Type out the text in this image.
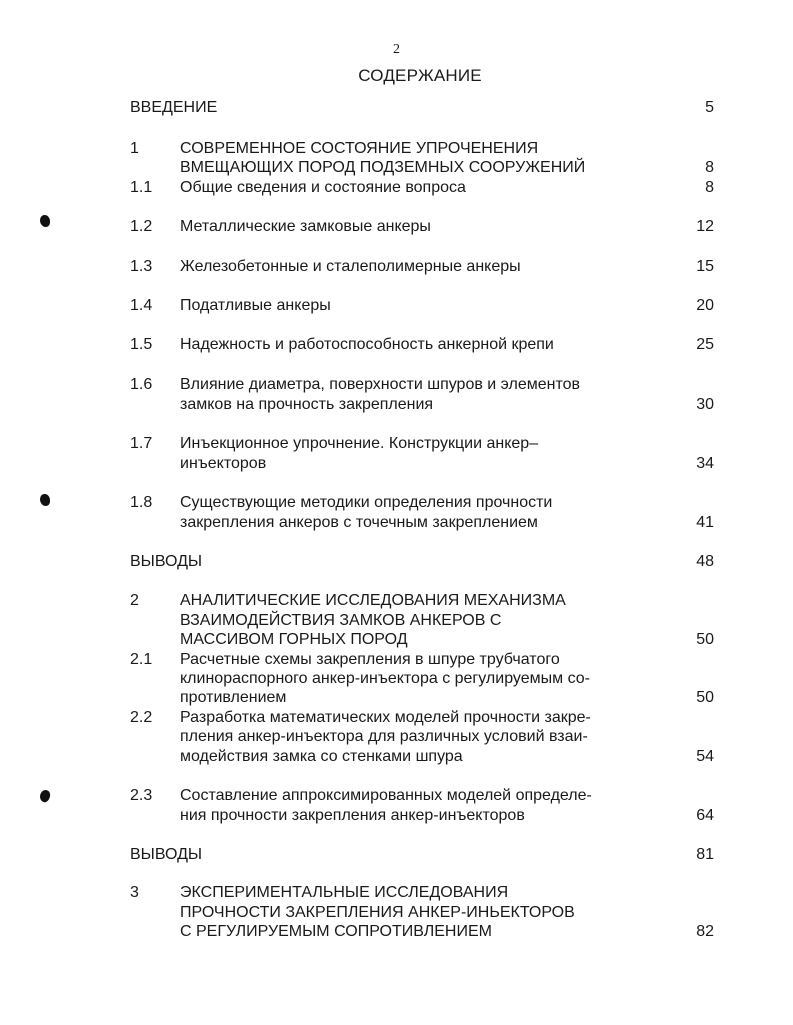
2
СОДЕРЖАНИЕ
ВВЕДЕНИЕ	5
1	СОВРЕМЕННОЕ СОСТОЯНИЕ УПРОЧЕНЕНИЯ
ВМЕЩАЮЩИХ ПОРОД ПОДЗЕМНЫХ СООРУЖЕНИЙ	8
1.1 Общие сведения и состояние вопроса	8
1.2 Металлические замковые анкеры	12
1.3 Железобетонные и сталеполимерные анкеры	15
1.4 Податливые анкеры	20
1.5 Надежность и работоспособность анкерной крепи	25
1.6 Влияние диаметра, поверхности шпуров и элементов
замков на прочность закрепления	30
1.7 Инъекционное упрочнение. Конструкции анкер–
инъекторов	34
1.8 Существующие методики определения прочности
закрепления анкеров с точечным закреплением	41
ВЫВОДЫ	48
2	АНАЛИТИЧЕСКИЕ ИССЛЕДОВАНИЯ МЕХАНИЗМА
ВЗАИМОДЕЙСТВИЯ ЗАМКОВ АНКЕРОВ С
МАССИВОМ ГОРНЫХ ПОРОД	50
2.1 Расчетные схемы закрепления в шпуре трубчатого
клинораспорного анкер-инъектора с регулируемым со-
противлением	50
2.2 Разработка математических моделей прочности закре-
пления анкер-инъектора для различных условий взаи-
модействия замка со стенками шпура	54
2.3 Составление аппроксимированных моделей определе-
ния прочности закрепления анкер-инъекторов	64
ВЫВОДЫ	81
3	ЭКСПЕРИМЕНТАЛЬНЫЕ ИССЛЕДОВАНИЯ
ПРОЧНОСТИ ЗАКРЕПЛЕНИЯ АНКЕР-ИНЬЕКТОРОВ
С РЕГУЛИРУЕМЫМ СОПРОТИВЛЕНИЕМ	82
